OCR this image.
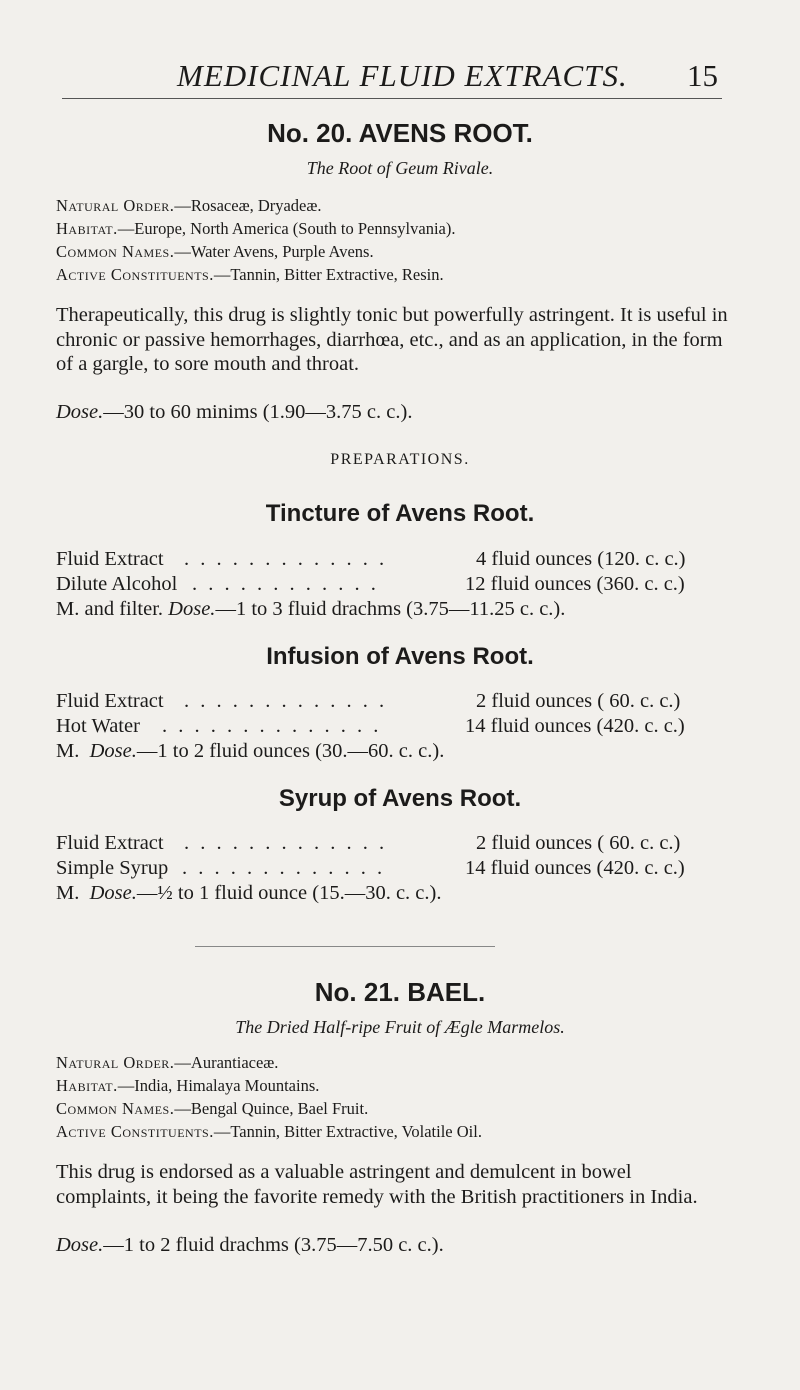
MEDICINAL FLUID EXTRACTS. 15
No. 20. AVENS ROOT.
The Root of Geum Rivale.
Natural Order.—Rosaceæ, Dryadeæ.
Habitat.—Europe, North America (South to Pennsylvania).
Common Names.—Water Avens, Purple Avens.
Active Constituents.—Tannin, Bitter Extractive, Resin.
Therapeutically, this drug is slightly tonic but powerfully astringent. It is useful in chronic or passive hemorrhages, diarrhœa, etc., and as an application, in the form of a gargle, to sore mouth and throat.
Dose.—30 to 60 minims (1.90—3.75 c. c.).
PREPARATIONS.
Tincture of Avens Root.
Fluid Extract . . . . . . . . . . . . .	4 fluid ounces (120. c. c.)
Dilute Alcohol . . . . . . . . . . . .	12 fluid ounces (360. c. c.)
M. and filter. Dose.—1 to 3 fluid drachms (3.75—11.25 c. c.).
Infusion of Avens Root.
Fluid Extract . . . . . . . . . . . . .	2 fluid ounces ( 60. c. c.)
Hot Water . . . . . . . . . . . . . .	14 fluid ounces (420. c. c.)
M. Dose.—1 to 2 fluid ounces (30.—60. c. c.).
Syrup of Avens Root.
Fluid Extract . . . . . . . . . . . . .	2 fluid ounces ( 60. c. c.)
Simple Syrup . . . . . . . . . . . . .	14 fluid ounces (420. c. c.)
M. Dose.—½ to 1 fluid ounce (15.—30. c. c.).
No. 21. BAEL.
The Dried Half-ripe Fruit of Ægle Marmelos.
Natural Order.—Aurantiaceæ.
Habitat.—India, Himalaya Mountains.
Common Names.—Bengal Quince, Bael Fruit.
Active Constituents.—Tannin, Bitter Extractive, Volatile Oil.
This drug is endorsed as a valuable astringent and demulcent in bowel complaints, it being the favorite remedy with the British practitioners in India.
Dose.—1 to 2 fluid drachms (3.75—7.50 c. c.).
